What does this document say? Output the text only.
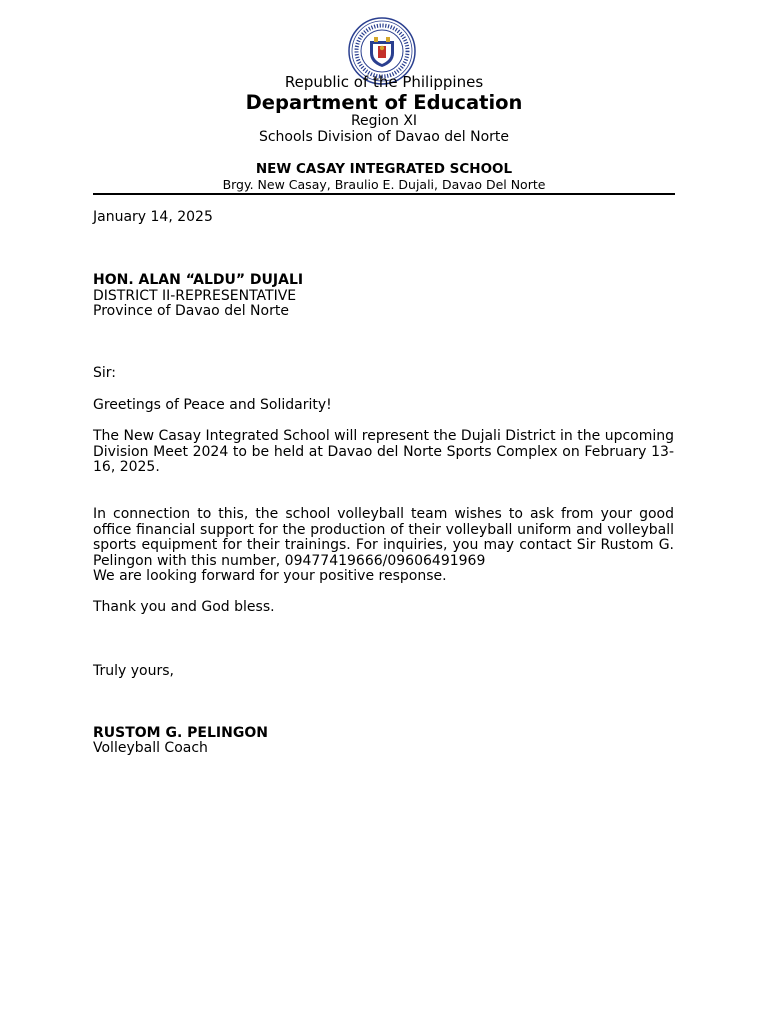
Republic of the Philippines

Department of Education

Region XI

Schools Division of Davao del Norte

NEW CASAY INTEGRATED SCHOOL

Brgy. New Casay, Braulio E. Dujali, Davao Del Norte

January 14, 2025

HON. ALAN “ALDU” DUJALI

DISTRICT II-REPRESENTATIVE

Province of Davao del Norte

Sir:

Greetings of Peace and Solidarity!

The New Casay Integrated School will represent the Dujali District in the upcoming Division Meet 2024 to be held at Davao del Norte Sports Complex on February 13-16, 2025.

In connection to this, the school volleyball team wishes to ask from your good office financial support for the production of their volleyball uniform and volleyball sports equipment for their trainings. For inquiries, you may contact Sir Rustom G. Pelingon with this number, 09477419666/09606491969

We are looking forward for your positive response.

Thank you and God bless.

Truly yours,

RUSTOM G. PELINGON

Volleyball Coach
